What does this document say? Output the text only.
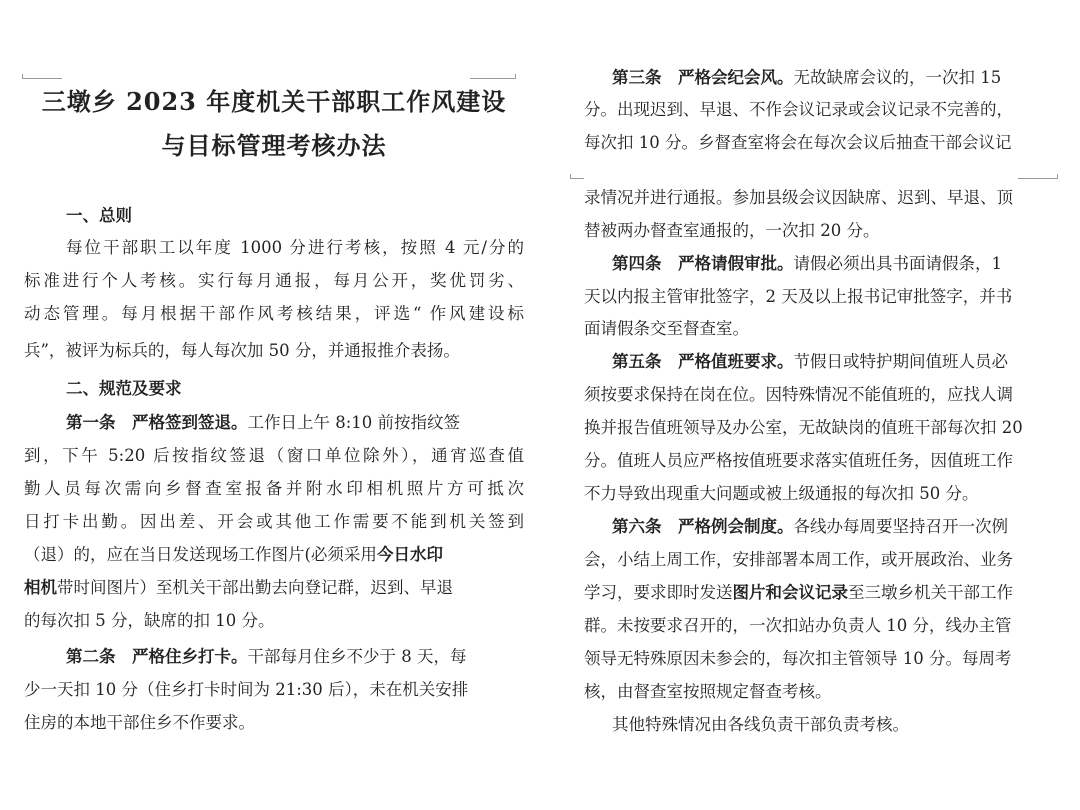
三墩乡 2023 年度机关干部职工作风建设
与目标管理考核办法
一、总则
每位干部职工以年度 1000 分进行考核，按照 4 元/分的
标准进行个人考核。实行每月通报，每月公开，奖优罚劣、
动态管理。每月根据干部作风考核结果，评选“ 作风建设标
兵”，被评为标兵的，每人每次加 50 分，并通报推介表扬。
二、规范及要求
第一条　严格签到签退。工作日上午 8:10 前按指纹签
到，下午 5:20 后按指纹签退（窗口单位除外），通宵巡查值
勤人员每次需向乡督查室报备并附水印相机照片方可抵次
日打卡出勤。因出差、开会或其他工作需要不能到机关签到
（退）的，应在当日发送现场工作图片(必须采用今日水印
相机带时间图片）至机关干部出勤去向登记群，迟到、早退
的每次扣 5 分，缺席的扣 10 分。
第二条　严格住乡打卡。干部每月住乡不少于 8 天，每
少一天扣 10 分（住乡打卡时间为 21:30 后），未在机关安排
住房的本地干部住乡不作要求。
第三条　严格会纪会风。无故缺席会议的，一次扣 15
分。出现迟到、早退、不作会议记录或会议记录不完善的，
每次扣 10 分。乡督查室将会在每次会议后抽查干部会议记
录情况并进行通报。参加县级会议因缺席、迟到、早退、顶
替被两办督查室通报的，一次扣 20 分。
第四条　严格请假审批。请假必须出具书面请假条，1
天以内报主管审批签字，2 天及以上报书记审批签字，并书
面请假条交至督查室。
第五条　严格值班要求。节假日或特护期间值班人员必
须按要求保持在岗在位。因特殊情况不能值班的，应找人调
换并报告值班领导及办公室，无故缺岗的值班干部每次扣 20
分。值班人员应严格按值班要求落实值班任务，因值班工作
不力导致出现重大问题或被上级通报的每次扣 50 分。
第六条　严格例会制度。各线办每周要坚持召开一次例
会，小结上周工作，安排部署本周工作，或开展政治、业务
学习，要求即时发送图片和会议记录至三墩乡机关干部工作
群。未按要求召开的，一次扣站办负责人 10 分，线办主管
领导无特殊原因未参会的，每次扣主管领导 10 分。每周考
核，由督查室按照规定督查考核。
其他特殊情况由各线负责干部负责考核。
